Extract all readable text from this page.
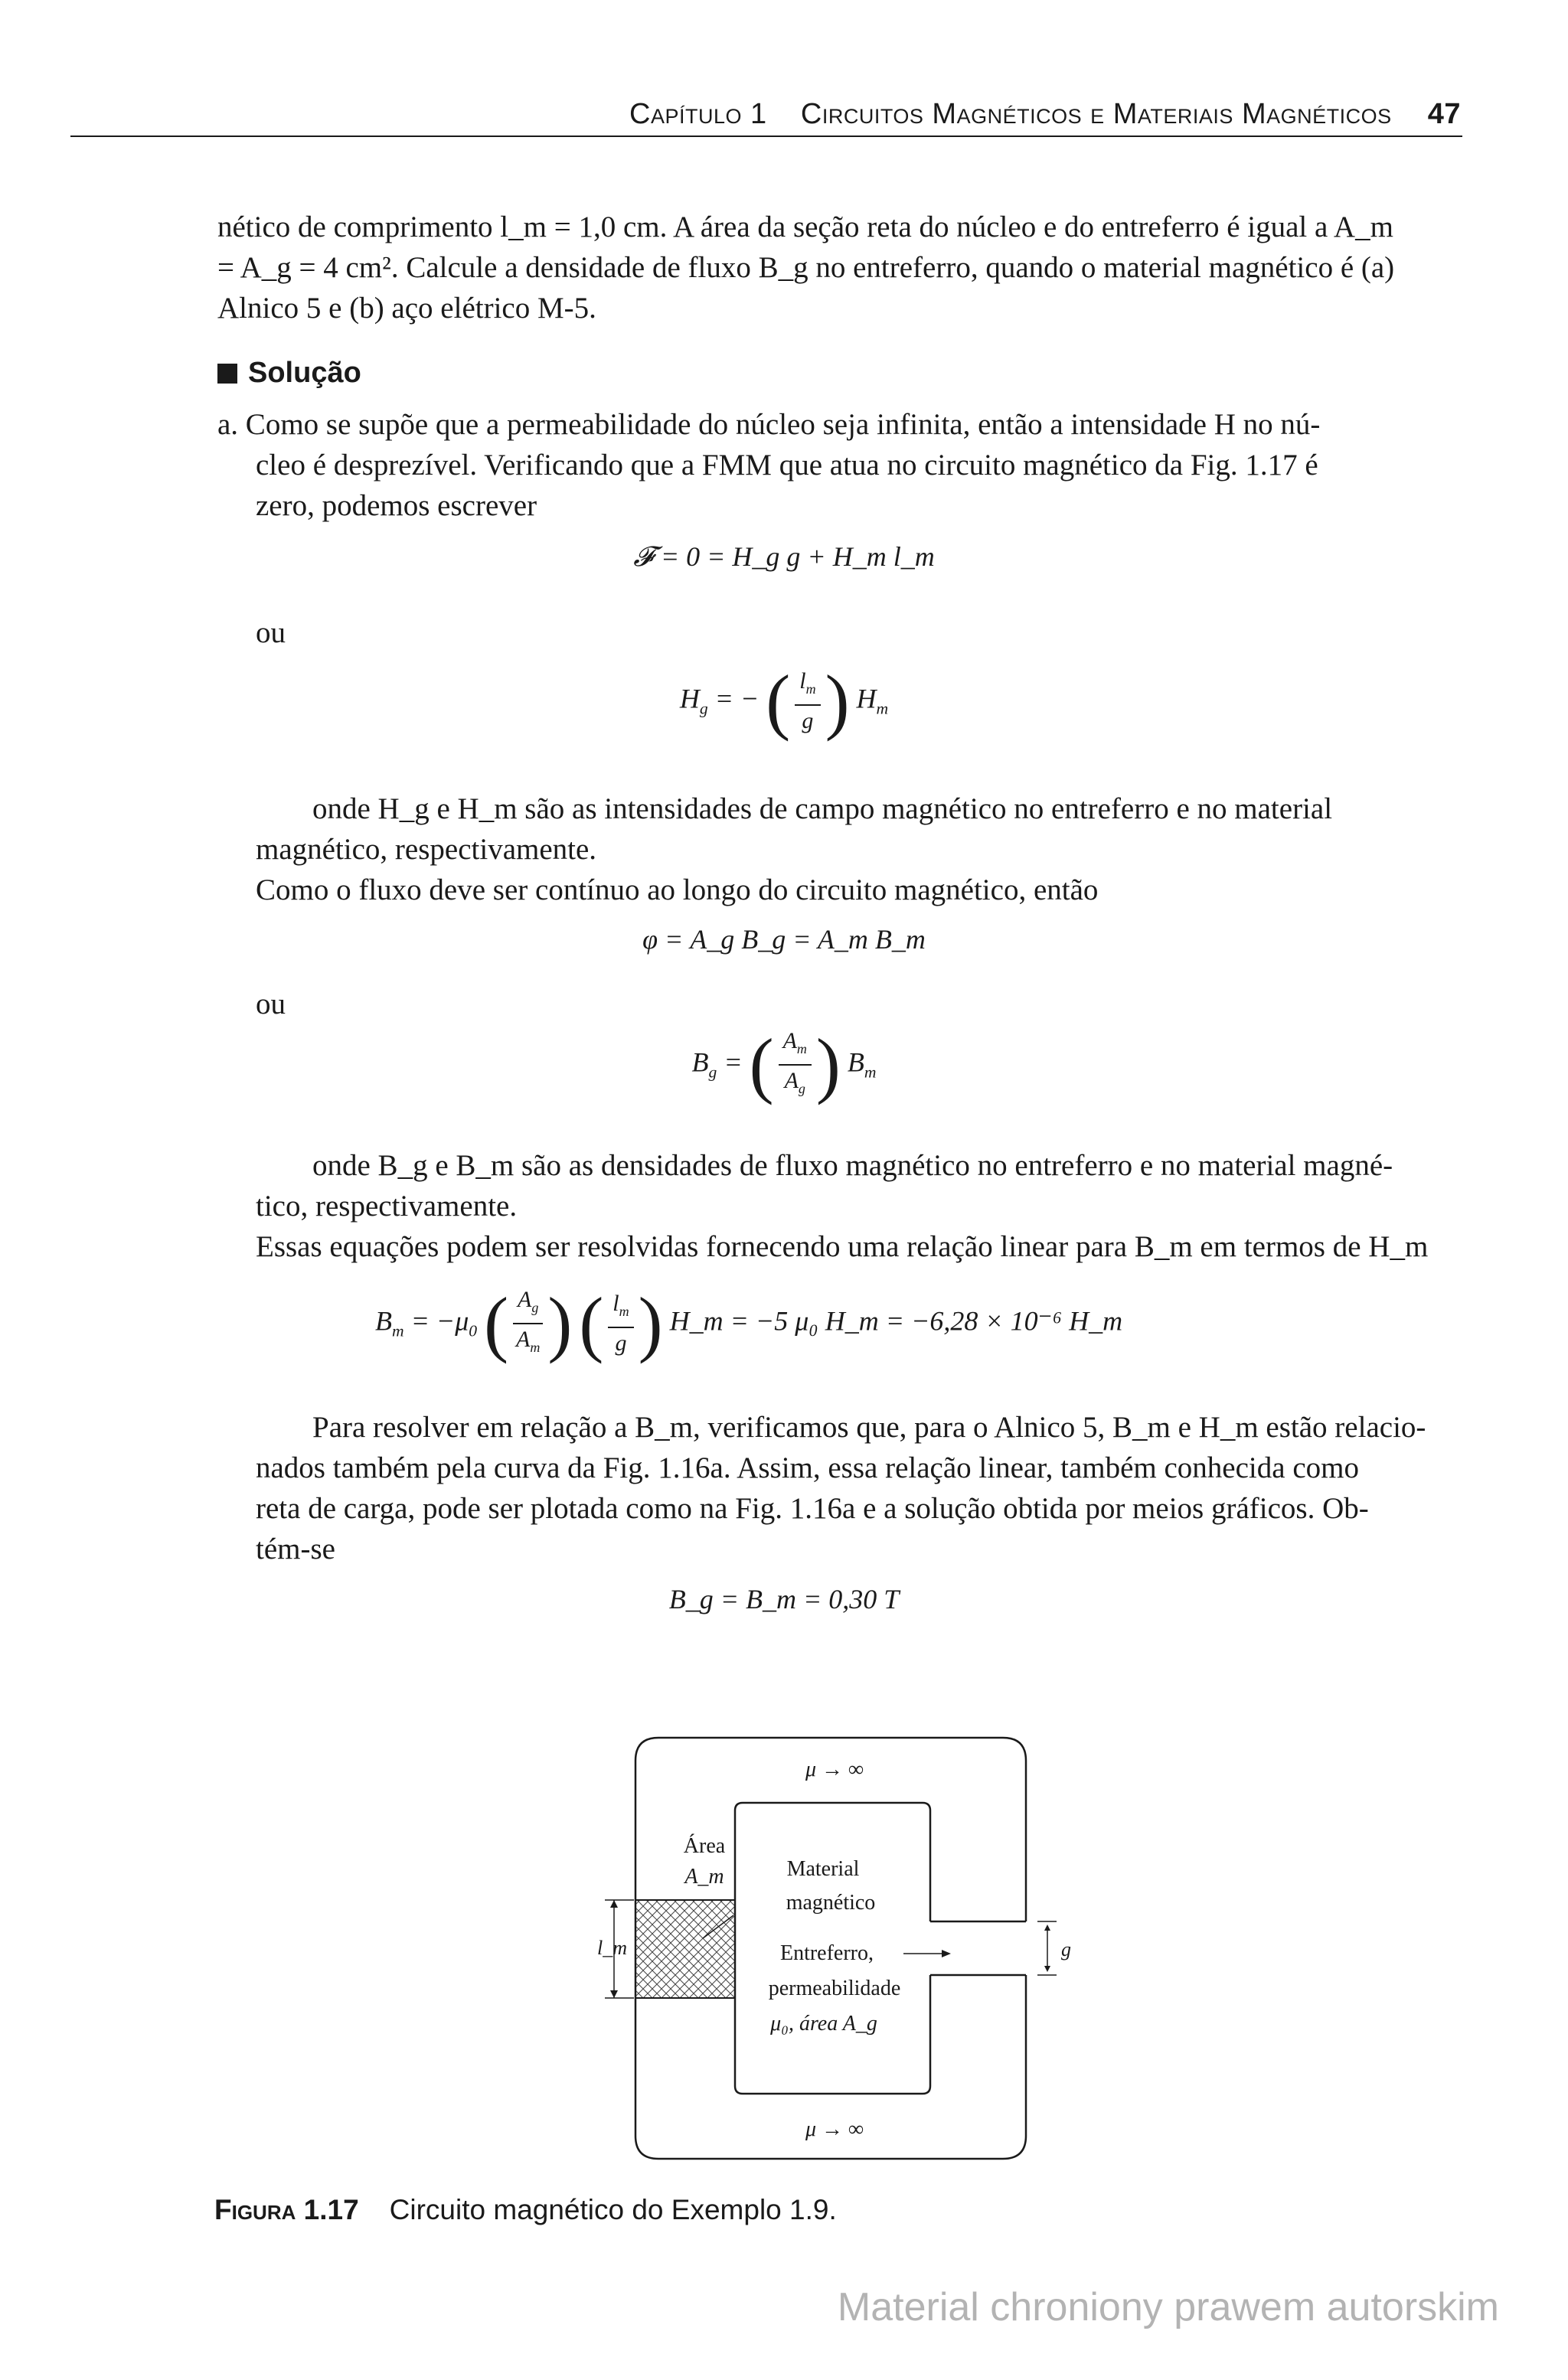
Capítulo 1 Circuitos Magnéticos e Materiais Magnéticos 47
nético de comprimento l_m = 1,0 cm. A área da seção reta do núcleo e do entreferro é igual a A_m
= A_g = 4 cm². Calcule a densidade de fluxo B_g no entreferro, quando o material magnético é (a)
Alnico 5 e (b) aço elétrico M-5.
Solução
a. Como se supõe que a permeabilidade do núcleo seja infinita, então a intensidade H no nú-
cleo é desprezível. Verificando que a FMM que atua no circuito magnético da Fig. 1.17 é
zero, podemos escrever
𝓕 = 0 = H_g g + H_m l_m
ou
$H_g$ = − ( $\frac{l_m}{g}$ ) $H_m$
onde H_g e H_m são as intensidades de campo magnético no entreferro e no material
magnético, respectivamente.
Como o fluxo deve ser contínuo ao longo do circuito magnético, então
φ = A_g B_g = A_m B_m
ou
$B_g$ = ( $\frac{A_m}{A_g}$ ) $B_m$
onde B_g e B_m são as densidades de fluxo magnético no entreferro e no material magné-
tico, respectivamente.
Essas equações podem ser resolvidas fornecendo uma relação linear para B_m em termos de H_m
$B_m = -\mu_0$ ( $\frac{A_g}{A_m}$ ) ( $\frac{l_m}{g}$ ) H_m = −5 μ₀ H_m = −6,28 × 10⁻⁶ H_m
Para resolver em relação a B_m, verificamos que, para o Alnico 5, B_m e H_m estão relacio-
nados também pela curva da Fig. 1.16a. Assim, essa relação linear, também conhecida como
reta de carga, pode ser plotada como na Fig. 1.16a e a solução obtida por meios gráficos. Ob-
tém-se
B_g = B_m = 0,30 T
μ → ∞
μ → ∞
Área
A_m	Material
magnético
Entreferro,
permeabilidade
μ₀, área A_g
l_m	g
Figura 1.17 Circuito magnético do Exemplo 1.9.
Material chroniony prawem autorskim
